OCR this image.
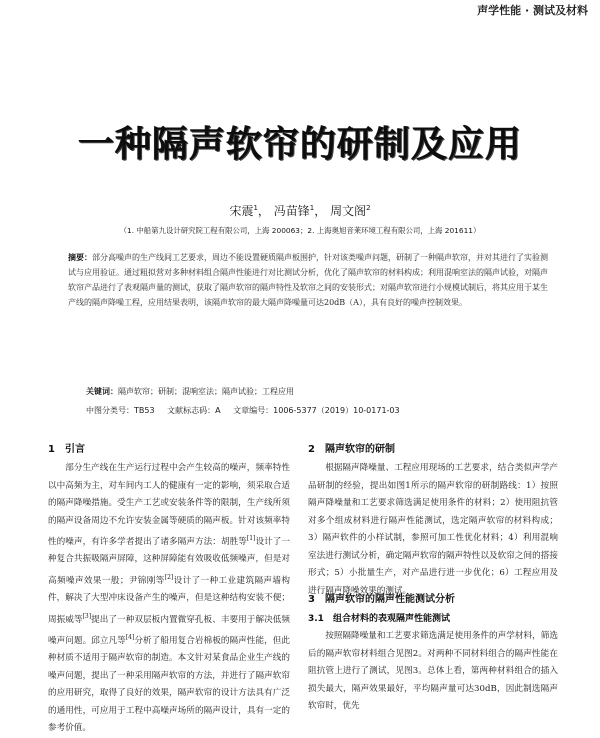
声学性能 · 测试及材料
一种隔声软帘的研制及应用
宋震$^1$， 冯苗锋$^1$， 周文阁$^2$
（1. 中船第九设计研究院工程有限公司，上海 200063；2. 上海奥旭音莱环境工程有限公司，上海 201611）
摘要：部分高噪声的生产线间工艺要求，周边不能设置硬质隔声板围护，针对该类噪声问题，研制了一种隔声软帘，并对其进行了实验测试与应用验证。通过粗拟营对多种材料组合隔声性能进行对比测试分析，优化了隔声软帘的材料构成；利用混响室法的隔声试验，对隔声软帘产品进行了表观隔声量的测试，获取了隔声软帘的隔声特性及软帘之间的安装形式；对隔声软帘进行小规模试制后，将其应用于某生产线的隔声降噪工程，应用结果表明，该隔声软帘的最大隔声降噪量可达20dB（A），具有良好的噪声控制效果。
关键词：隔声软帘；研制；混响室法；隔声试验；工程应用
中图分类号：TB53 文献标志码：A 文章编号：1006-5377（2019）10-0171-03
1　引言
部分生产线在生产运行过程中会产生较高的噪声，频率特性以中高频为主，对车间内工人的健康有一定的影响，须采取合适的隔声降噪措施。受生产工艺或安装条件等的限制，生产线所须的隔声设备周边不允许安装金属等硬质的隔声板。针对该频率特性的噪声，有许多学者提出了诸多隔声方法：胡胜等[1]设计了一种复合共振吸隔声屏障，这种屏障能有效吸收低频噪声，但是对高频噪声效果一般；尹锦刚等[2]设计了一种工业建筑隔声墙构件，解决了大型冲床设备产生的噪声，但是这种结构安装不便；周振威等[3]提出了一种双层板内置微穿孔板、丰要用于解决低频噪声问题。邱立凡等[4]分析了船用复合岩棉板的隔声性能，但此种材质不适用于隔声软帘的制造。本文针对某食品企业生产线的噪声问题，提出了一种采用隔声软帘的方法，并进行了隔声软帘的应用研究，取得了良好的效果，隔声软帘的设计方法具有广泛的通用性，可应用于工程中高噪声场所的隔声设计，具有一定的参考价值。
2　隔声软帘的研制
根据隔声降噪量、工程应用现场的工艺要求，结合类似声学产品研制的经验，提出如图1所示的隔声软帘的研制路线：1）按照隔声降噪量和工艺要求筛选满足使用条件的材料；2）使用阻抗管对多个组成材料进行隔声性能测试，选定隔声软帘的材料构成；3）隔声软件的小样试制，参照可加工性优化材料；4）利用混响室法进行测试分析，确定隔声软帘的隔声特性以及软帘之间的搭接形式；5）小批量生产，对产品进行进一步优化；6）工程应用及进行隔声降噪效果的测试。
3　隔声软帘的隔声性能测试分析
3.1　组合材料的表观隔声性能测试
按照隔降噪量和工艺要求筛选满足使用条件的声学材料，筛选后的隔声软帘材料组合见图2。对两种不同材料组合的隔声性能在阻抗管上进行了测试，见图3。总体上看，第两种材料组合的插入损失最大，隔声效果最好，平均隔声量可达30dB，因此制选隔声软帘时，优先
